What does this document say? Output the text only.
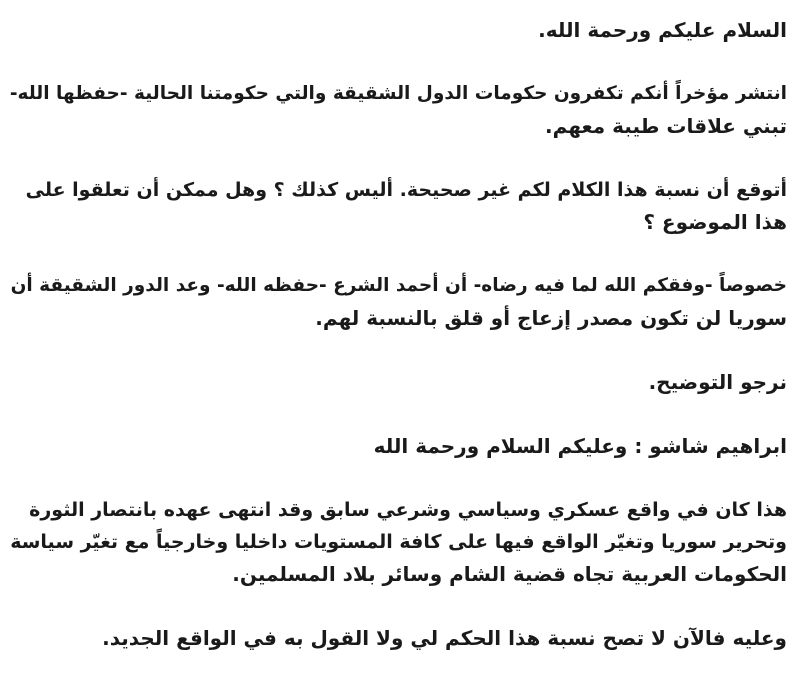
السلام عليكم ورحمة الله.

انتشر مؤخراً أنكم تكفرون حكومات الدول الشقيقة والتي حكومتنا الحالية -حفظها الله-
تبني علاقات طيبة معهم.

أتوقع أن نسبة هذا الكلام لكم غير صحيحة. أليس كذلك ؟ وهل ممكن أن تعلقوا على
هذا الموضوع ؟

خصوصاً -وفقكم الله لما فيه رضاه- أن أحمد الشرع -حفظه الله- وعد الدور الشقيقة أن
سوريا لن تكون مصدر إزعاج أو قلق بالنسبة لهم.

نرجو التوضيح.

ابراهيم شاشو : وعليكم السلام ورحمة الله

هذا كان في واقع عسكري وسياسي وشرعي سابق وقد انتهى عهده بانتصار الثورة
وتحرير سوريا وتغيّر الواقع فيها على كافة المستويات داخليا وخارجياً مع تغيّر سياسة
الحكومات العربية تجاه قضية الشام وسائر بلاد المسلمين.

وعليه فالآن لا تصح نسبة هذا الحكم لي ولا القول به في الواقع الجديد.
